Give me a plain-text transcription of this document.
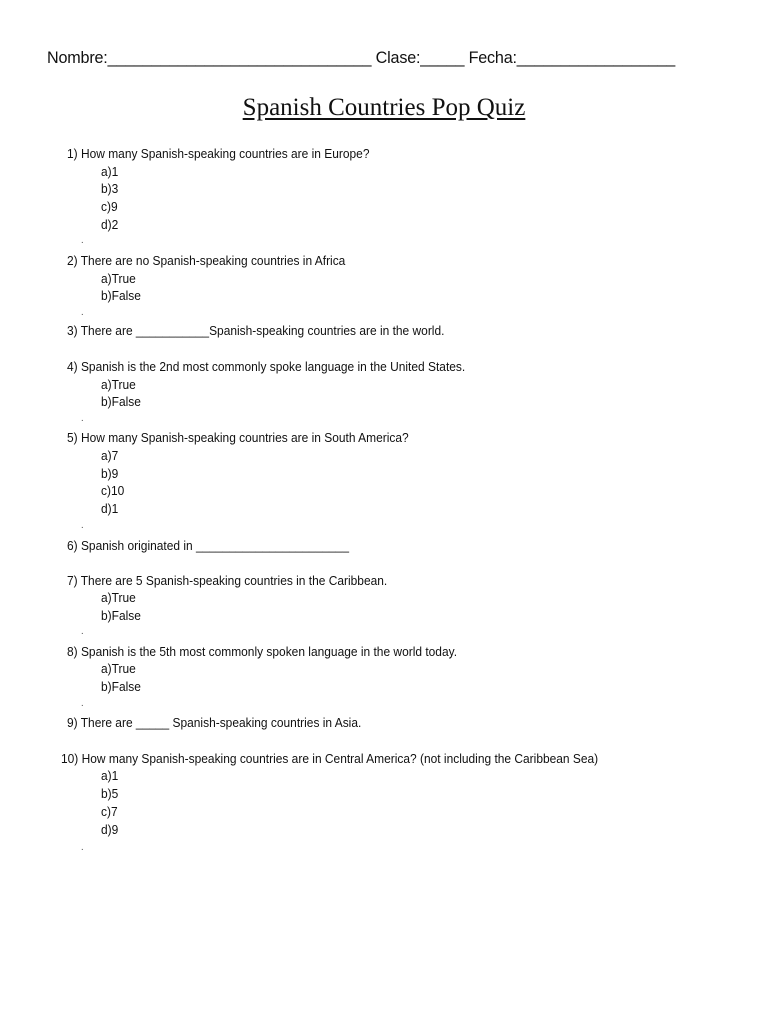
Nombre:______________________________ Clase:_____ Fecha:__________________
Spanish Countries Pop Quiz
1) How many Spanish-speaking countries are in Europe?
a)1
b)3
c)9
d)2
.
2) There are no Spanish-speaking countries in Africa
a)True
b)False
.
3) There are ___________Spanish-speaking countries are in the world.
4) Spanish is the 2nd most commonly spoke language in the United States.
a)True
b)False
.
5) How many Spanish-speaking countries are in South America?
a)7
b)9
c)10
d)1
.
6) Spanish originated in _______________________
7) There are 5 Spanish-speaking countries in the Caribbean.
a)True
b)False
.
8) Spanish is the 5th most commonly spoken language in the world today.
a)True
b)False
.
9) There are _____ Spanish-speaking countries in Asia.
10) How many Spanish-speaking countries are in Central America? (not including the Caribbean Sea)
a)1
b)5
c)7
d)9
.
